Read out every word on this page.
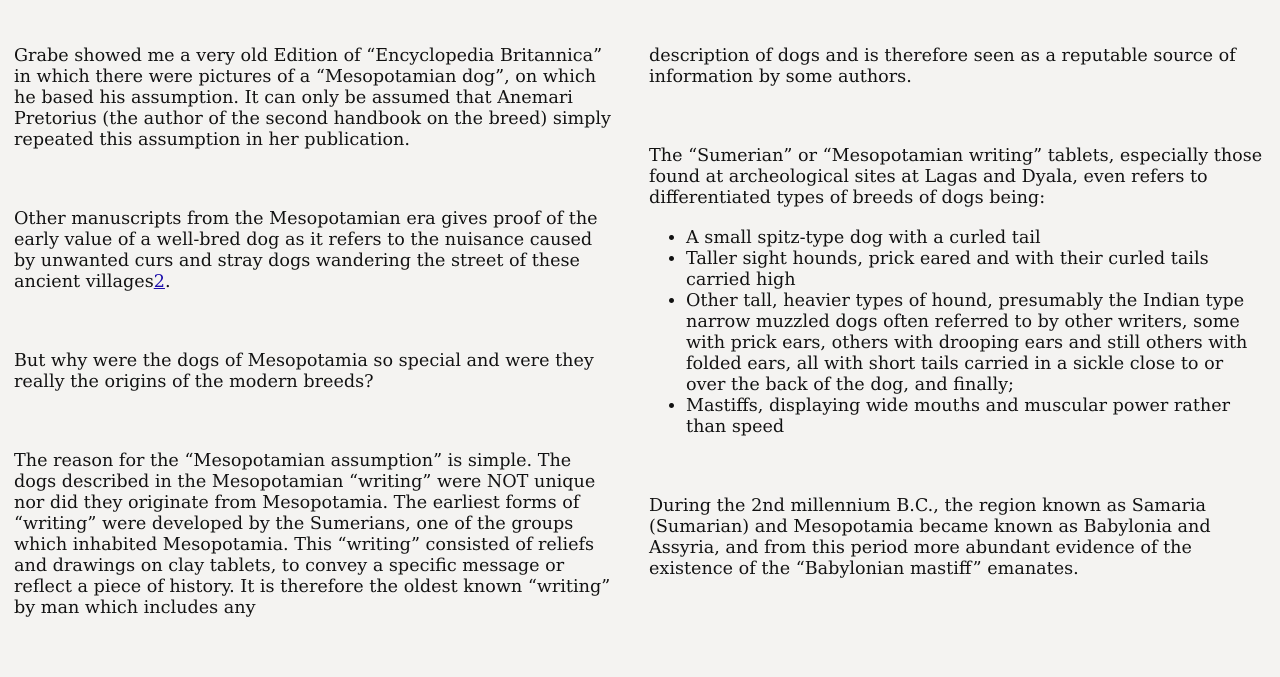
Grabe showed me a very old Edition of “Encyclopedia Britannica” in which there were pictures of a “Mesopotamian dog”, on which he based his assumption. It can only be assumed that Anemari Pretorius (the author of the second handbook on the breed) simply repeated this assumption in her publication.

Other manuscripts from the Mesopotamian era gives proof of the early value of a well-bred dog as it refers to the nuisance caused by unwanted curs and stray dogs wandering the street of these ancient villages2.

But why were the dogs of Mesopotamia so special and were they really the origins of the modern breeds?

The reason for the “Mesopotamian assumption” is simple. The dogs described in the Mesopotamian “writing” were NOT unique nor did they originate from Mesopotamia. The earliest forms of “writing” were developed by the Sumerians, one of the groups which inhabited Mesopotamia. This “writing” consisted of reliefs and drawings on clay tablets, to convey a specific message or reflect a piece of history. It is therefore the oldest known “writing” by man which includes any

description of dogs and is therefore seen as a reputable source of information by some authors.

The “Sumerian” or “Mesopotamian writing” tablets, especially those found at archeological sites at Lagas and Dyala, even refers to differentiated types of breeds of dogs being:

• A small spitz-type dog with a curled tail
• Taller sight hounds, prick eared and with their curled tails carried high
• Other tall, heavier types of hound, presumably the Indian type narrow muzzled dogs often referred to by other writers, some with prick ears, others with drooping ears and still others with folded ears, all with short tails carried in a sickle close to or over the back of the dog, and finally;
• Mastiffs, displaying wide mouths and muscular power rather than speed

During the 2nd millennium B.C., the region known as Samaria (Sumarian) and Mesopotamia became known as Babylonia and Assyria, and from this period more abundant evidence of the existence of the “Babylonian mastiff” emanates.
